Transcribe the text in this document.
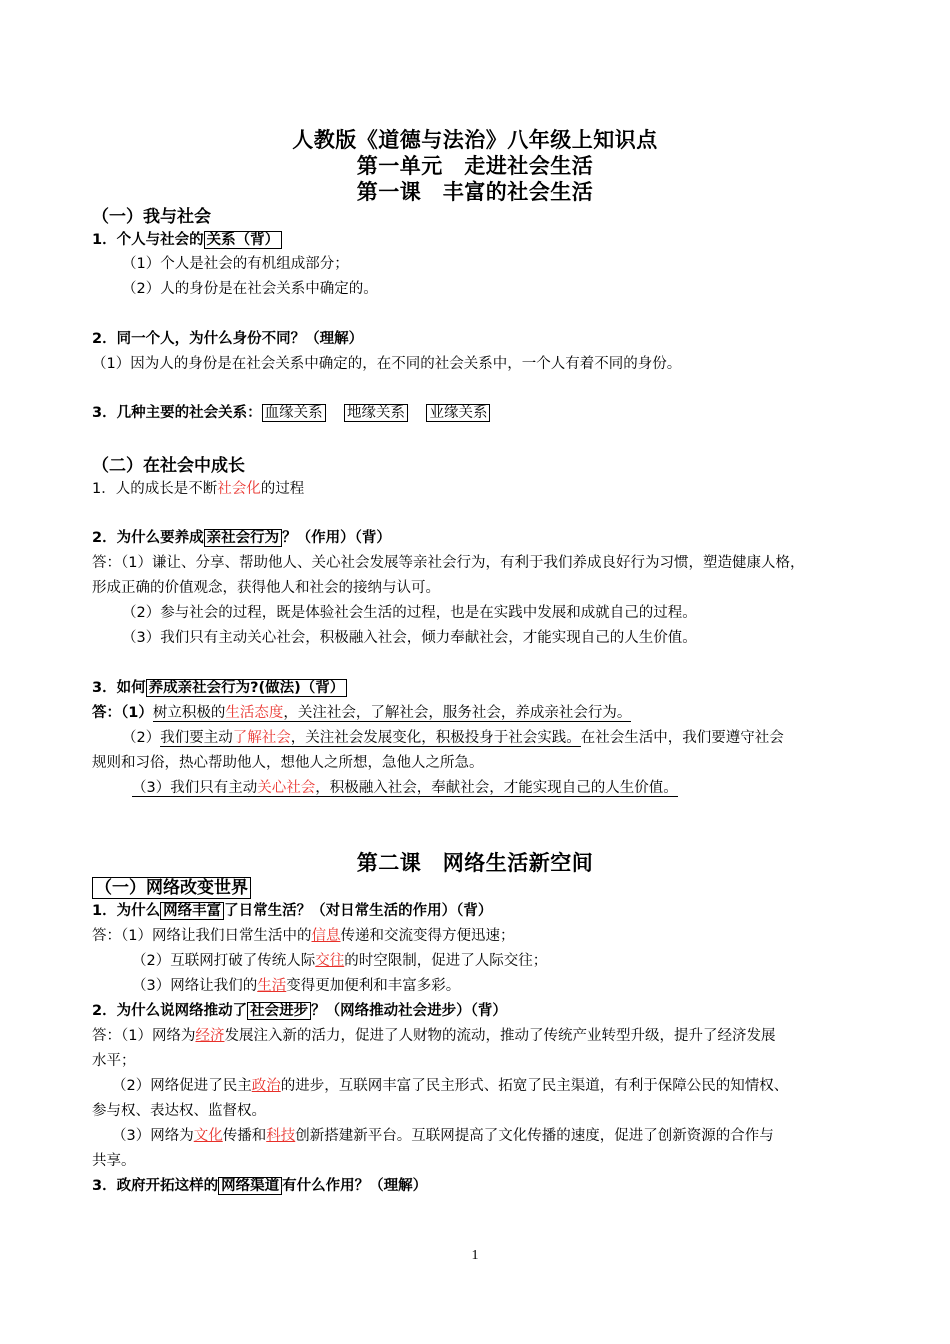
人教版《道德与法治》八年级上知识点
第一单元　走进社会生活
第一课　丰富的社会生活
（一）我与社会
1．个人与社会的 关系（背）
（1）个人是社会的有机组成部分；
（2）人的身份是在社会关系中确定的。
2．同一个人，为什么身份不同？（理解）
（1）因为人的身份是在社会关系中确定的，在不同的社会关系中，一个人有着不同的身份。
3．几种主要的社会关系： 血缘关系 地缘关系 业缘关系
（二）在社会中成长
1．人的成长是不断社会化的过程
2．为什么要养成 亲社会行为 ？（作用）（背）
答：（1）谦让、分享、帮助他人、关心社会发展等亲社会行为，有利于我们养成良好行为习惯，塑造健康人格，
形成正确的价值观念，获得他人和社会的接纳与认可。
（2）参与社会的过程，既是体验社会生活的过程，也是在实践中发展和成就自己的过程。
（3）我们只有主动关心社会，积极融入社会，倾力奉献社会，才能实现自己的人生价值。
3．如何 养成亲社会行为?(做法)（背）
答：（1）树立积极的生活态度，关注社会，了解社会，服务社会，养成亲社会行为。
（2）我们要主动了解社会，关注社会发展变化，积极投身于社会实践。在社会生活中，我们要遵守社会
规则和习俗，热心帮助他人，想他人之所想，急他人之所急。
（3）我们只有主动关心社会，积极融入社会，奉献社会，才能实现自己的人生价值。
第二课　网络生活新空间
（一）网络改变世界
1．为什么 网络丰富 了日常生活？（对日常生活的作用）（背）
答：（1）网络让我们日常生活中的信息传递和交流变得方便迅速；
（2）互联网打破了传统人际交往的时空限制，促进了人际交往；
（3）网络让我们的生活变得更加便利和丰富多彩。
2．为什么说网络推动了 社会进步 ？（网络推动社会进步）（背）
答：（1）网络为经济发展注入新的活力，促进了人财物的流动，推动了传统产业转型升级，提升了经济发展
水平；
（2）网络促进了民主政治的进步，互联网丰富了民主形式、拓宽了民主渠道，有利于保障公民的知情权、
参与权、表达权、监督权。
（3）网络为文化传播和科技创新搭建新平台。互联网提高了文化传播的速度，促进了创新资源的合作与
共享。
3．政府开拓这样的 网络渠道 有什么作用？（理解）
1
